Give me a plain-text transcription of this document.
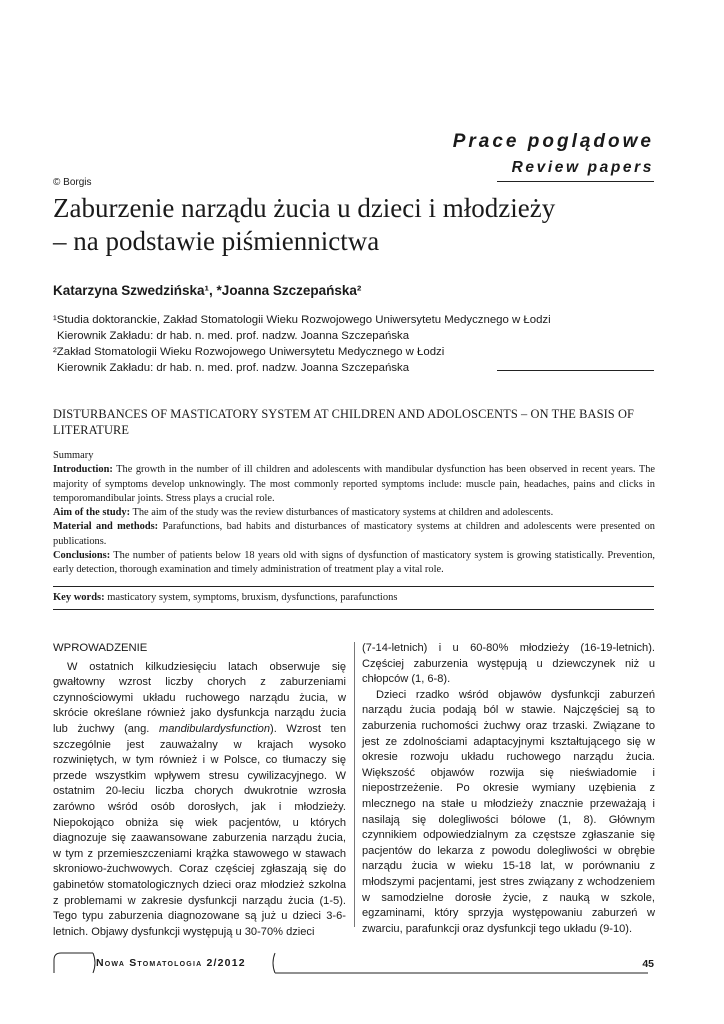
Prace poglądowe
Review papers
© Borgis
Zaburzenie narządu żucia u dzieci i młodzieży
– na podstawie piśmiennictwa
Katarzyna Szwedzińska¹, *Joanna Szczepańska²
¹Studia doktoranckie, Zakład Stomatologii Wieku Rozwojowego Uniwersytetu Medycznego w Łodzi
Kierownik Zakładu: dr hab. n. med. prof. nadzw. Joanna Szczepańska
²Zakład Stomatologii Wieku Rozwojowego Uniwersytetu Medycznego w Łodzi
Kierownik Zakładu: dr hab. n. med. prof. nadzw. Joanna Szczepańska
DISTURBANCES OF MASTICATORY SYSTEM AT CHILDREN AND ADOLOSCENTS – ON THE BASIS OF LITERATURE

Summary

Introduction: The growth in the number of ill children and adolescents with mandibular dysfunction has been observed in recent years. The majority of symptoms develop unknowingly. The most commonly reported symptoms include: muscle pain, headaches, pains and clicks in temporomandibular joints. Stress plays a crucial role.

Aim of the study: The aim of the study was the review disturbances of masticatory systems at children and adolescents.

Material and methods: Parafunctions, bad habits and disturbances of masticatory systems at children and adolescents were presented on publications.

Conclusions: The number of patients below 18 years old with signs of dysfunction of masticatory system is growing statistically. Prevention, early detection, thorough examination and timely administration of treatment play a vital role.

Key words: masticatory system, symptoms, bruxism, dysfunctions, parafunctions
WPROWADZENIE

W ostatnich kilkudziesięciu latach obserwuje się gwałtowny wzrost liczby chorych z zaburzeniami czynnościowymi układu ruchowego narządu żucia, w skrócie określane również jako dysfunkcja narządu żucia lub żuchwy (ang. mandibulardysfunction). Wzrost ten szczególnie jest zauważalny w krajach wysoko rozwiniętych, w tym również i w Polsce, co tłumaczy się przede wszystkim wpływem stresu cywilizacyjnego. W ostatnim 20-leciu liczba chorych dwukrotnie wzrosła zarówno wśród osób dorosłych, jak i młodzieży. Niepokojąco obniża się wiek pacjentów, u których diagnozuje się zaawansowane zaburzenia narządu żucia, w tym z przemieszczeniami krążka stawowego w stawach skroniowo-żuchwowych. Coraz częściej zgłaszają się do gabinetów stomatologicznych dzieci oraz młodzież szkolna z problemami w zakresie dysfunkcji narządu żucia (1-5). Tego typu zaburzenia diagnozowane są już u dzieci 3-6-letnich. Objawy dysfunkcji występują u 30-70% dzieci

(7-14-letnich) i u 60-80% młodzieży (16-19-letnich). Częściej zaburzenia występują u dziewczynek niż u chłopców (1, 6-8).

Dzieci rzadko wśród objawów dysfunkcji zaburzeń narządu żucia podają ból w stawie. Najczęściej są to zaburzenia ruchomości żuchwy oraz trzaski. Związane to jest ze zdolnościami adaptacyjnymi kształtującego się w okresie rozwoju układu ruchowego narządu żucia. Większość objawów rozwija się nieświadomie i niepostrzeżenie. Po okresie wymiany uzębienia z mlecznego na stałe u młodzieży znacznie przeważają i nasilają się dolegliwości bólowe (1, 8). Głównym czynnikiem odpowiedzialnym za częstsze zgłaszanie się pacjentów do lekarza z powodu dolegliwości w obrębie narządu żucia w wieku 15-18 lat, w porównaniu z młodszymi pacjentami, jest stres związany z wchodzeniem w samodzielne dorosłe życie, z nauką w szkole, egzaminami, który sprzyja występowaniu zaburzeń w zwarciu, parafunkcji oraz dysfunkcji tego układu (9-10).

Nowa Stomatologia 2/2012	45
